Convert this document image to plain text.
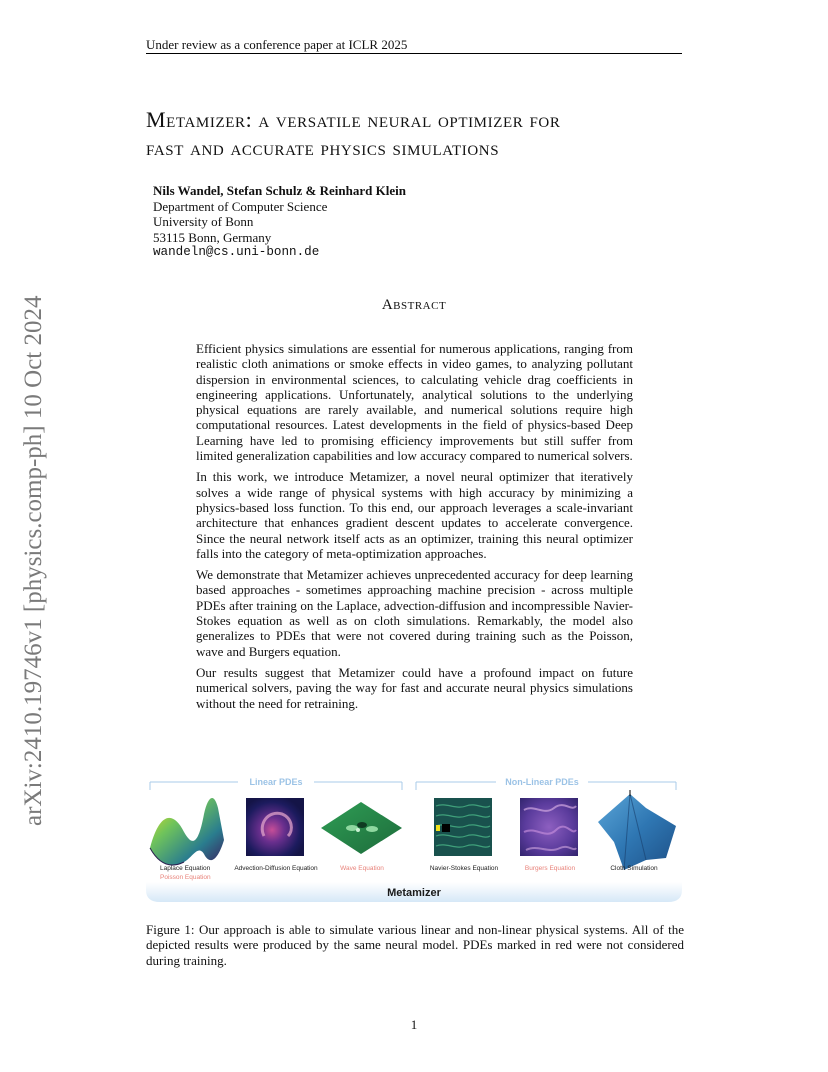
Under review as a conference paper at ICLR 2025
arXiv:2410.19746v1 [physics.comp-ph] 10 Oct 2024
Metamizer: a versatile neural optimizer for
fast and accurate physics simulations
Nils Wandel, Stefan Schulz & Reinhard Klein
Department of Computer Science
University of Bonn
53115 Bonn, Germany
wandeln@cs.uni-bonn.de
Abstract

Efficient physics simulations are essential for numerous applications, ranging from realistic cloth animations or smoke effects in video games, to analyzing pollutant dispersion in environmental sciences, to calculating vehicle drag coefficients in engineering applications. Unfortunately, analytical solutions to the underlying physical equations are rarely available, and numerical solutions require high computational resources. Latest developments in the field of physics-based Deep Learning have led to promising efficiency improvements but still suffer from limited generalization capabilities and low accuracy compared to numerical solvers.

In this work, we introduce Metamizer, a novel neural optimizer that iteratively solves a wide range of physical systems with high accuracy by minimizing a physics-based loss function. To this end, our approach leverages a scale-invariant architecture that enhances gradient descent updates to accelerate convergence. Since the neural network itself acts as an optimizer, training this neural optimizer falls into the category of meta-optimization approaches.

We demonstrate that Metamizer achieves unprecedented accuracy for deep learning based approaches - sometimes approaching machine precision - across multiple PDEs after training on the Laplace, advection-diffusion and incompressible Navier-Stokes equation as well as on cloth simulations. Remarkably, the model also generalizes to PDEs that were not covered during training such as the Poisson, wave and Burgers equation.

Our results suggest that Metamizer could have a profound impact on future numerical solvers, paving the way for fast and accurate neural physics simulations without the need for retraining.

Linear PDEs	Non-Linear PDEs
Laplace Equation
Poisson Equation
Advection-Diffusion Equation	Wave Equation	Navier-Stokes Equation	Burgers Equation	Cloth Simulation
Metamizer
Figure 1: Our approach is able to simulate various linear and non-linear physical systems. All of the depicted results were produced by the same neural model. PDEs marked in red were not considered during training.
1
